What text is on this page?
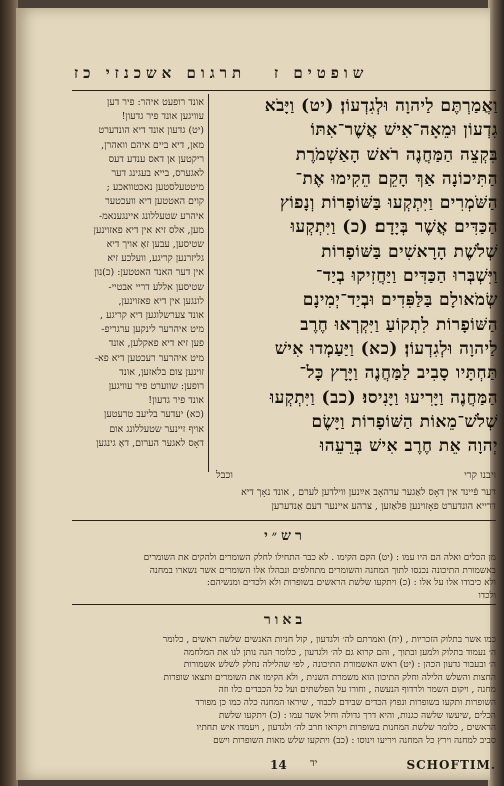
תרגום אשכנזי כז שופטים ז
אונד רופעט איהר: פיר דען
עוויגען אונד פיר גדעון!
(יט) גדעון אונד דיא הונדערט
מאן, דיא ביים איהם וואהרן,
ריקטען אן דאס ענדע דעס
לאגערס, בייא בעגינג דער
מיטטעלסטען נאכטוואכע ;
קוים האטטען דיא וועכטער
איהרע שטעללונג איינגענאמ-
מען, אלס זיא אין דיא פאזוינען
שטיסען, עבען זאָ אויך דיא
גליזרנען קריגע, וועלכע זיא
אין דער האנד האטטען: (כ)נון
שטיסען אללע דריי אבטיי-
לונגען אין דיא פאזוינען,
אונד צערשלוגען דיא קריגע ,
מיט איהרער לינקען ערגריפ-
פען זיא דיא פאקלען, אונד
מיט איהרער רעכטען דיא פא-
זוינען צום בלאזען, אונד
רופען: שווערט פיר עוויגען
אונד פיר גדעון!
(כא) יעדער בליעב טרעטען
אויף זיינער שטעללונג אום
דאָס לאגער הערום, דאָ גינגען
וַאֲמַרְתֶּם לַיהוָה וּלְגִדְעוֹן׃ (יט) וַיָּבֹא
גִדְעוֹן וּמֵאָה־אִישׁ אֲשֶׁר־אִתּוֹ
בִּקְצֵה הַמַּחֲנֶה רֹאשׁ הָאַשְׁמֹרֶת
הַתִּיכוֹנָה אַךְ הָקֵם הֵקִימוּ אֶת־
הַשֹּׁמְרִים וַיִּתְקְעוּ בַּשּׁוֹפָרוֹת וְנָפוֹץ
הַכַּדִּים אֲשֶׁר בְּיָדָם׃ (כ) וַיִּתְקְעוּ
שְׁלֹשֶׁת הָרָאשִׁים בַּשּׁוֹפָרוֹת
וַיִּשְׁבְּרוּ הַכַּדִּים וַיַּחֲזִיקוּ בְיַד־
שְׂמֹאולָם בַּלַּפִּדִים וּבְיַד־יְמִינָם
הַשּׁוֹפָרוֹת לִתְקוֹעַ וַיִּקְרְאוּ חֶרֶב
לַיהוָה וּלְגִדְעוֹן׃ (כא) וַיַּעַמְדוּ אִישׁ
תַּחְתָּיו סָבִיב לַמַּחֲנֶה וַיָּרָץ כָּל־
הַמַּחֲנֶה וַיָּרִיעוּ וַיָּנִיסוּ׃ (כב) וַיִּתְקְעוּ
שְׁלֹשׁ־מֵאוֹת הַשּׁוֹפָרוֹת וַיָּשֶׂם
יְהוָה אֵת חֶרֶב אִישׁ בְּרֵעֵהוּ
וכבל	ויבנו קרי
דער פֿיינד אין דאָס לאַגער ערהאָב אײַנען ווילדען לערם , אונד נאָך דיא
דרייא הונדערט פאָזוינען פּלאַזען , צּרהע איינער דעם אַנדערען
רש״י
מן הכלים ואלה הם היו עמו : (יט) הקם הקימו . לא כבר התחילו לחלק השומרים ולהקים את השומרים
באשמורת התיכונה נכנסו לתוך המחנה והשומרים מתחלפים ונבהלו אלו השומרים אשר נשארו במחנה
ולא כיבודו אלו על אלו : (כ) ויתקעו שלשת הראשים בשופרות ולא ולכדים ומנשיהם:
ולכדו
באור
כמו אשר בתלוק הזכריות , (יח) ואמרתם לה׳ ולגדעון , קול חניות האנשים שלשה ראשים , כלומר
ה׳ נעמוד בתלוק ולמען ובתוך , והם קרוא גם לה׳ ולגדעון , כלומר הנה נותן לנו את המלחמה
ה׳ ובעבור גדעון הכהן : (יט) ראש האשמורת התיכונה , לפי שהלילה נחלק לשלש אשמורות
החצות והשלש הלילה וחלק התיכון הוא משמרת השנית , ולא הקימו את השומרים ותצאו שופרות
מחנה , ויקום השמר ולרדוף הנעשה , וחורו על הפלשתים ועל כל הכבדים כלו וזה
השופרות ותקעו בשופרות ונפוץ הכדים שבידם לכבוד , שיראו המחנה כלה כמו כן מפורד
הכלים ,שיעשו שלשה כגנות, והיא דרך גדולה וחיל אשר עמו : (כ) ויתקעו שלשת
הראשים , כלומר שלשת המחנות בשופרות ויקראו חרב לה׳ ולגדעון , ויעמדו איש תחתיו
סביב למחנה וירץ כל המחנה ויריעו וינוסו : (כב) ויתקעו שלש מאות השופרות וישם
14 יד	SCHOFTIM.
